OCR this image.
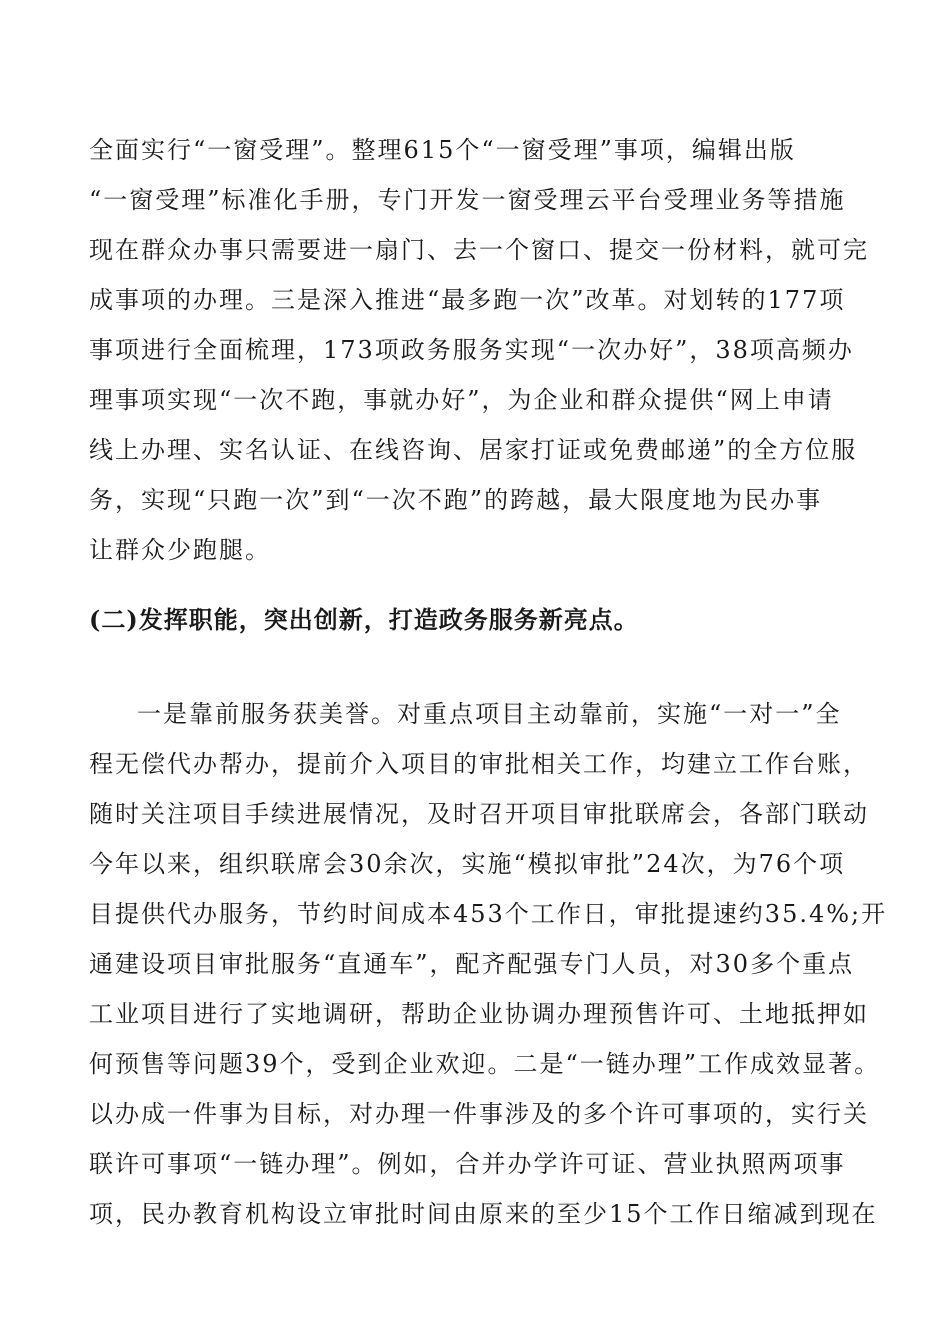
全面实行“一窗受理”。整理615个“一窗受理”事项，编辑出版
“一窗受理”标准化手册，专门开发一窗受理云平台受理业务等措施
现在群众办事只需要进一扇门、去一个窗口、提交一份材料，就可完
成事项的办理。三是深入推进“最多跑一次”改革。对划转的177项
事项进行全面梳理，173项政务服务实现“一次办好”，38项高频办
理事项实现“一次不跑，事就办好”，为企业和群众提供“网上申请
线上办理、实名认证、在线咨询、居家打证或免费邮递”的全方位服
务，实现“只跑一次”到“一次不跑”的跨越，最大限度地为民办事
让群众少跑腿。
(二)发挥职能，突出创新，打造政务服务新亮点。
一是靠前服务获美誉。对重点项目主动靠前，实施“一对一”全
程无偿代办帮办，提前介入项目的审批相关工作，均建立工作台账，
随时关注项目手续进展情况，及时召开项目审批联席会，各部门联动
今年以来，组织联席会30余次，实施“模拟审批”24次，为76个项
目提供代办服务，节约时间成本453个工作日，审批提速约35.4%;开
通建设项目审批服务“直通车”，配齐配强专门人员，对30多个重点
工业项目进行了实地调研，帮助企业协调办理预售许可、土地抵押如
何预售等问题39个，受到企业欢迎。二是“一链办理”工作成效显著。
以办成一件事为目标，对办理一件事涉及的多个许可事项的，实行关
联许可事项“一链办理”。例如，合并办学许可证、营业执照两项事
项，民办教育机构设立审批时间由原来的至少15个工作日缩减到现在
